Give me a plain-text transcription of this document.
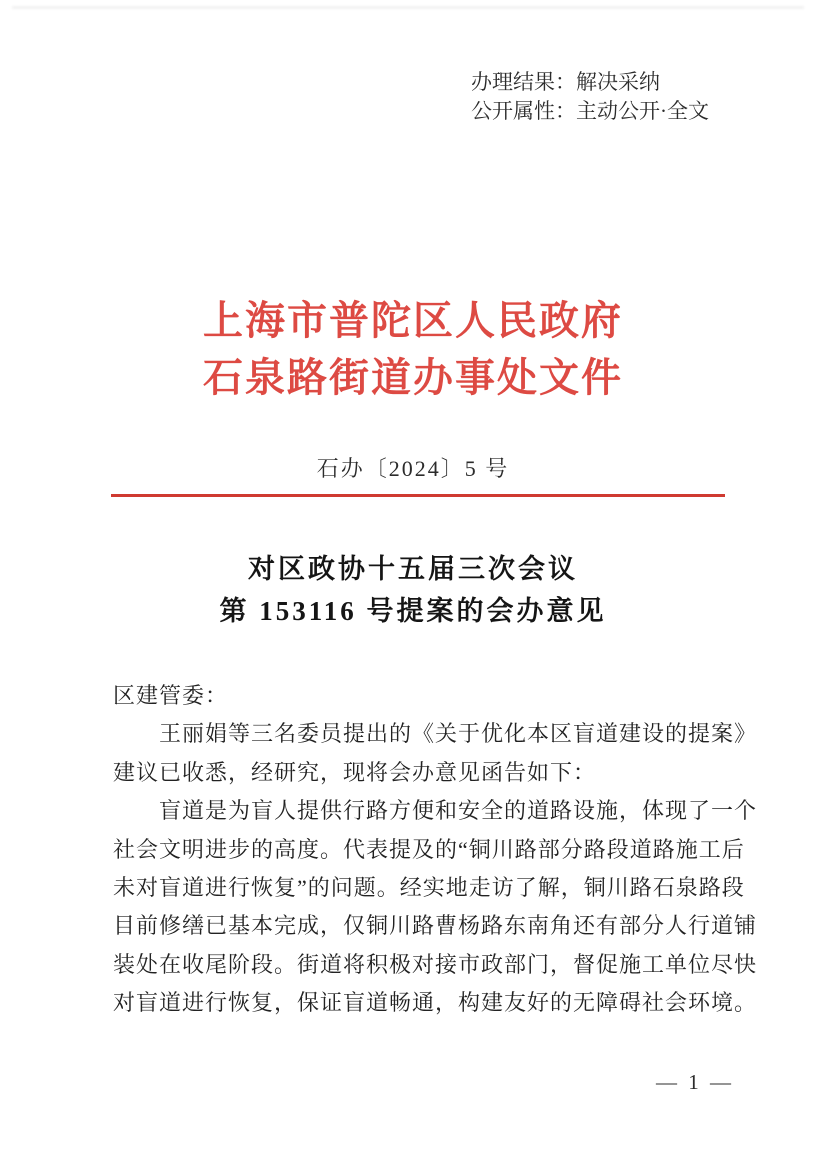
办理结果：解决采纳
公开属性：主动公开·全文
上海市普陀区人民政府
石泉路街道办事处文件
石办〔2024〕5 号
对区政协十五届三次会议
第 153116 号提案的会办意见
区建管委：
王丽娟等三名委员提出的《关于优化本区盲道建设的提案》
建议已收悉，经研究，现将会办意见函告如下：
盲道是为盲人提供行路方便和安全的道路设施，体现了一个
社会文明进步的高度。代表提及的“铜川路部分路段道路施工后
未对盲道进行恢复”的问题。经实地走访了解，铜川路石泉路段
目前修缮已基本完成，仅铜川路曹杨路东南角还有部分人行道铺
装处在收尾阶段。街道将积极对接市政部门，督促施工单位尽快
对盲道进行恢复，保证盲道畅通，构建友好的无障碍社会环境。
— 1 —
